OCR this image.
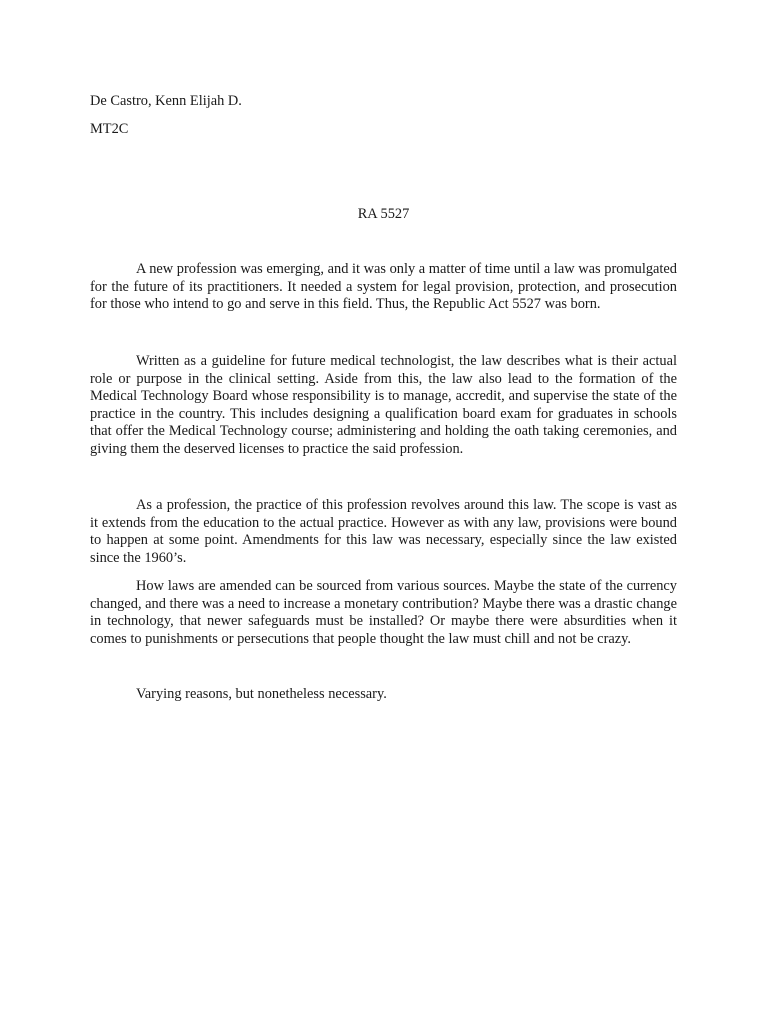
De Castro, Kenn Elijah D.

MT2C

RA 5527

A new profession was emerging, and it was only a matter of time until a law was promulgated for the future of its practitioners. It needed a system for legal provision, protection, and prosecution for those who intend to go and serve in this field. Thus, the Republic Act 5527 was born.

Written as a guideline for future medical technologist, the law describes what is their actual role or purpose in the clinical setting. Aside from this, the law also lead to the formation of the Medical Technology Board whose responsibility is to manage, accredit, and supervise the state of the practice in the country. This includes designing a qualification board exam for graduates in schools that offer the Medical Technology course; administering and holding the oath taking ceremonies, and giving them the deserved licenses to practice the said profession.

As a profession, the practice of this profession revolves around this law. The scope is vast as it extends from the education to the actual practice. However as with any law, provisions were bound to happen at some point. Amendments for this law was necessary, especially since the law existed since the 1960’s.

How laws are amended can be sourced from various sources. Maybe the state of the currency changed, and there was a need to increase a monetary contribution? Maybe there was a drastic change in technology, that newer safeguards must be installed? Or maybe there were absurdities when it comes to punishments or persecutions that people thought the law must chill and not be crazy.

Varying reasons, but nonetheless necessary.
